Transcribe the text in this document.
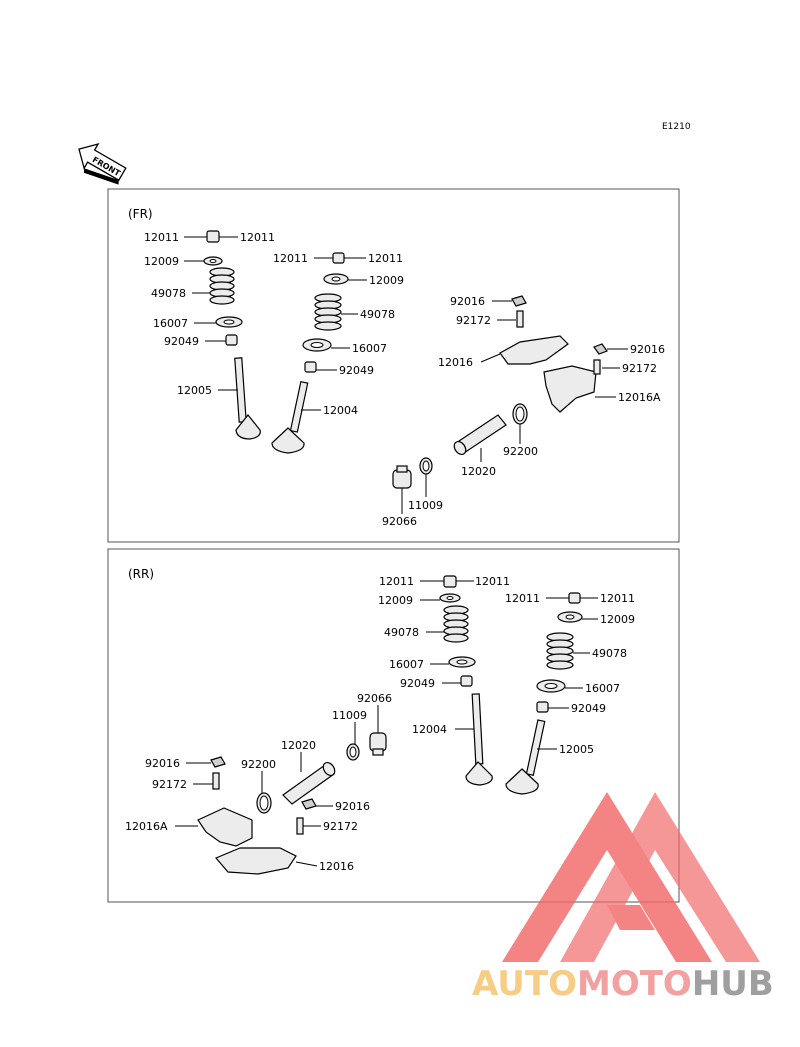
E1210
FRONT
(FR)
12011	12011
12009	12011	12011
12009
49078
49078
16007
16007
92049
92049
12005
12004
92016
92172
12016
92016
92172
12016A
92200
12020
11009
92066
(RR)
12011	12011
12009	12011	12011
12009
49078
49078
16007
16007
92049
92049
12004
12005
92066
11009
12020
92016	92200
92172
92016
12016A	92172
12016
AUTOMOTOHUB
